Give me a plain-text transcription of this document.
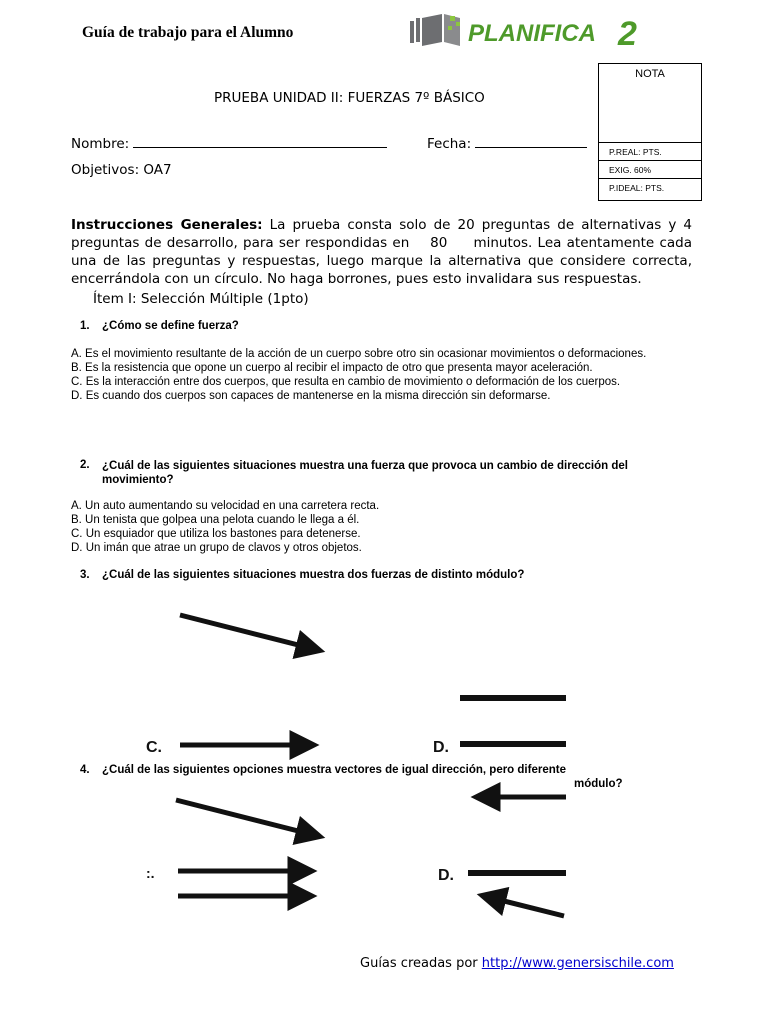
Guía de trabajo para el Alumno	PLANIFICA 2
NOTA
P.REAL: PTS.
EXIG. 60%
P.IDEAL: PTS.
PRUEBA UNIDAD II: FUERZAS 7º BÁSICO
Nombre:	Fecha:
Objetivos: OA7
Instrucciones Generales: La prueba consta solo de 20 preguntas de alternativas y 4 preguntas de desarrollo, para ser respondidas en 80 minutos. Lea atentamente cada una de las preguntas y respuestas, luego marque la alternativa que considere correcta, encerrándola con un círculo. No haga borrones, pues esto invalidara sus respuestas.
Ítem I: Selección Múltiple (1pto)
1. ¿Cómo se define fuerza?
A. Es el movimiento resultante de la acción de un cuerpo sobre otro sin ocasionar movimientos o deformaciones.
B. Es la resistencia que opone un cuerpo al recibir el impacto de otro que presenta mayor aceleración.
C. Es la interacción entre dos cuerpos, que resulta en cambio de movimiento o deformación de los cuerpos.
D. Es cuando dos cuerpos son capaces de mantenerse en la misma dirección sin deformarse.
2. ¿Cuál de las siguientes situaciones muestra una fuerza que provoca un cambio de dirección del movimiento?
A. Un auto aumentando su velocidad en una carretera recta.
B. Un tenista que golpea una pelota cuando le llega a él.
C. Un esquiador que utiliza los bastones para detenerse.
D. Un imán que atrae un grupo de clavos y otros objetos.
3. ¿Cuál de las siguientes situaciones muestra dos fuerzas de distinto módulo?
4. ¿Cuál de las siguientes opciones muestra vectores de igual dirección, pero diferente
módulo?
C.	D.
:.	D.
Guías creadas por http://www.genersischile.com
